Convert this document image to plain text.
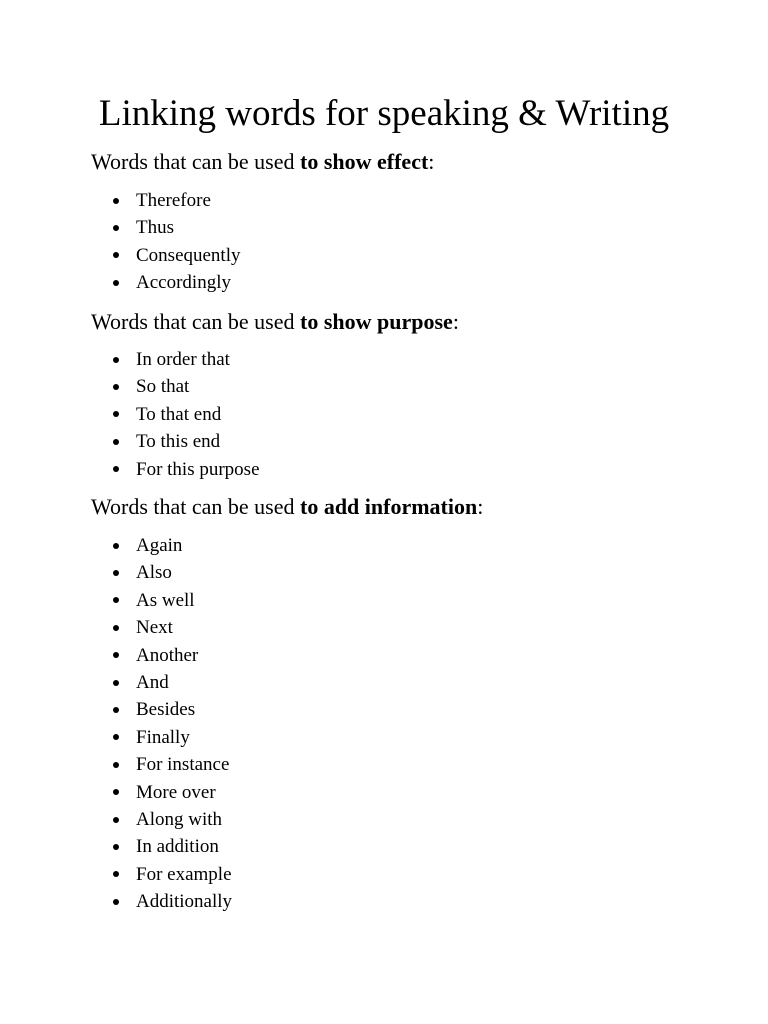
Linking words for speaking & Writing

Words that can be used to show effect:

Therefore
Thus
Consequently
Accordingly

Words that can be used to show purpose:

In order that
So that
To that end
To this end
For this purpose

Words that can be used to add information:

Again
Also
As well
Next
Another
And
Besides
Finally
For instance
More over
Along with
In addition
For example
Additionally
